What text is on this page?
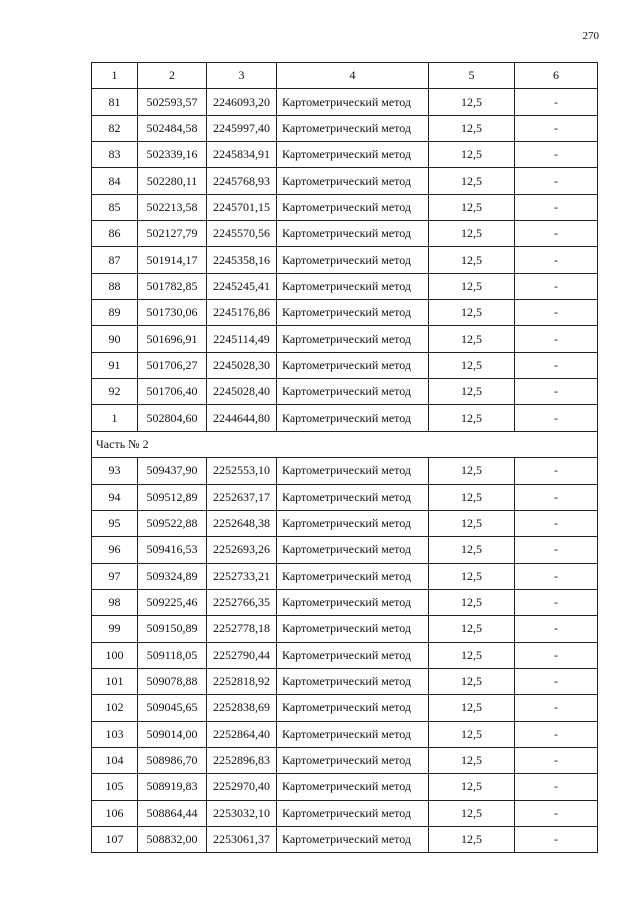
270
1	2	3	4	5	6
81	502593,57	2246093,20	Картометрический метод	12,5	-
82	502484,58	2245997,40	Картометрический метод	12,5	-
83	502339,16	2245834,91	Картометрический метод	12,5	-
84	502280,11	2245768,93	Картометрический метод	12,5	-
85	502213,58	2245701,15	Картометрический метод	12,5	-
86	502127,79	2245570,56	Картометрический метод	12,5	-
87	501914,17	2245358,16	Картометрический метод	12,5	-
88	501782,85	2245245,41	Картометрический метод	12,5	-
89	501730,06	2245176,86	Картометрический метод	12,5	-
90	501696,91	2245114,49	Картометрический метод	12,5	-
91	501706,27	2245028,30	Картометрический метод	12,5	-
92	501706,40	2245028,40	Картометрический метод	12,5	-
1	502804,60	2244644,80	Картометрический метод	12,5	-
Часть № 2					
93	509437,90	2252553,10	Картометрический метод	12,5	-
94	509512,89	2252637,17	Картометрический метод	12,5	-
95	509522,88	2252648,38	Картометрический метод	12,5	-
96	509416,53	2252693,26	Картометрический метод	12,5	-
97	509324,89	2252733,21	Картометрический метод	12,5	-
98	509225,46	2252766,35	Картометрический метод	12,5	-
99	509150,89	2252778,18	Картометрический метод	12,5	-
100	509118,05	2252790,44	Картометрический метод	12,5	-
101	509078,88	2252818,92	Картометрический метод	12,5	-
102	509045,65	2252838,69	Картометрический метод	12,5	-
103	509014,00	2252864,40	Картометрический метод	12,5	-
104	508986,70	2252896,83	Картометрический метод	12,5	-
105	508919,83	2252970,40	Картометрический метод	12,5	-
106	508864,44	2253032,10	Картометрический метод	12,5	-
107	508832,00	2253061,37	Картометрический метод	12,5	-
